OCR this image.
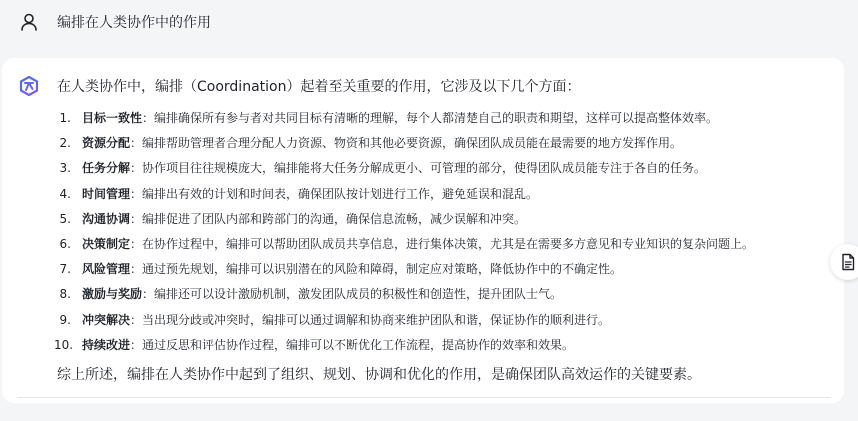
编排在人类协作中的作用
在人类协作中，编排（Coordination）起着至关重要的作用，它涉及以下几个方面：
1. 目标一致性 ：编排确保所有参与者对共同目标有清晰的理解，每个人都清楚自己的职责和期望，这样可以提高整体效率。
2. 资源分配 ：编排帮助管理者合理分配人力资源、物资和其他必要资源，确保团队成员能在最需要的地方发挥作用。
3. 任务分解 ：协作项目往往规模庞大，编排能将大任务分解成更小、可管理的部分，使得团队成员能专注于各自的任务。
4. 时间管理 ：编排出有效的计划和时间表，确保团队按计划进行工作，避免延误和混乱。
5. 沟通协调 ：编排促进了团队内部和跨部门的沟通，确保信息流畅，减少误解和冲突。
6. 决策制定 ：在协作过程中，编排可以帮助团队成员共享信息，进行集体决策，尤其是在需要多方意见和专业知识的复杂问题上。
7. 风险管理 ：通过预先规划，编排可以识别潜在的风险和障碍，制定应对策略，降低协作中的不确定性。
8. 激励与奖励 ：编排还可以设计激励机制，激发团队成员的积极性和创造性，提升团队士气。
9. 冲突解决 ：当出现分歧或冲突时，编排可以通过调解和协商来维护团队和谐，保证协作的顺利进行。
10. 持续改进 ：通过反思和评估协作过程，编排可以不断优化工作流程，提高协作的效率和效果。
综上所述，编排在人类协作中起到了组织、规划、协调和优化的作用，是确保团队高效运作的关键要素。
